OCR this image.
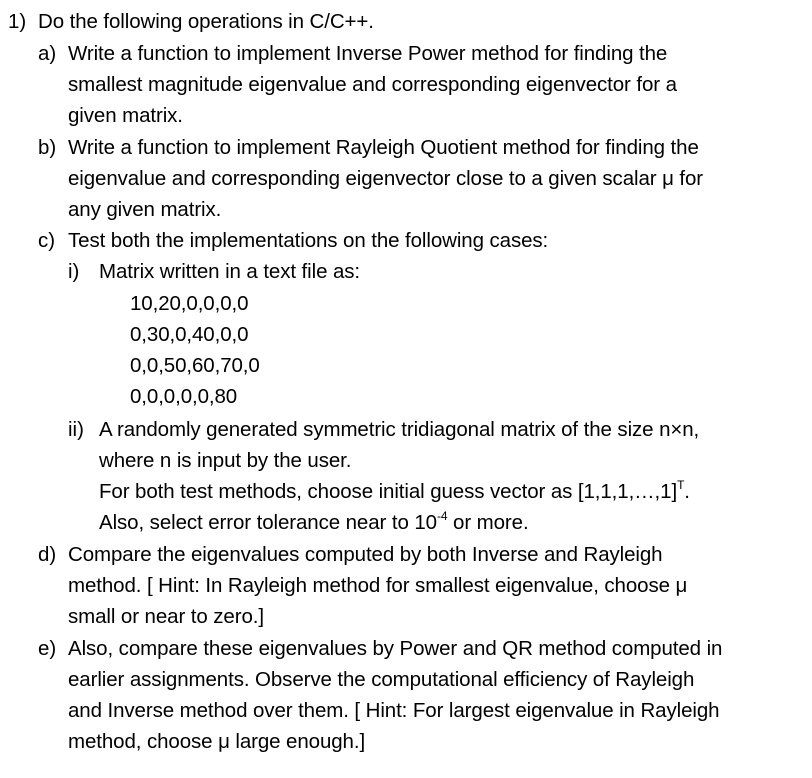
1) Do the following operations in C/C++.
a) Write a function to implement Inverse Power method for finding the
smallest magnitude eigenvalue and corresponding eigenvector for a
given matrix.
b) Write a function to implement Rayleigh Quotient method for finding the
eigenvalue and corresponding eigenvector close to a given scalar μ for
any given matrix.
c) Test both the implementations on the following cases:
i) Matrix written in a text file as:
10,20,0,0,0,0
0,30,0,40,0,0
0,0,50,60,70,0
0,0,0,0,0,80
ii) A randomly generated symmetric tridiagonal matrix of the size n×n,
where n is input by the user.
For both test methods, choose initial guess vector as [1,1,1,…,1]$^T$.
Also, select error tolerance near to $10^{-4}$ or more.
d) Compare the eigenvalues computed by both Inverse and Rayleigh
method. [ Hint: In Rayleigh method for smallest eigenvalue, choose μ
small or near to zero.]
e) Also, compare these eigenvalues by Power and QR method computed in
earlier assignments. Observe the computational efficiency of Rayleigh
and Inverse method over them. [ Hint: For largest eigenvalue in Rayleigh
method, choose μ large enough.]
